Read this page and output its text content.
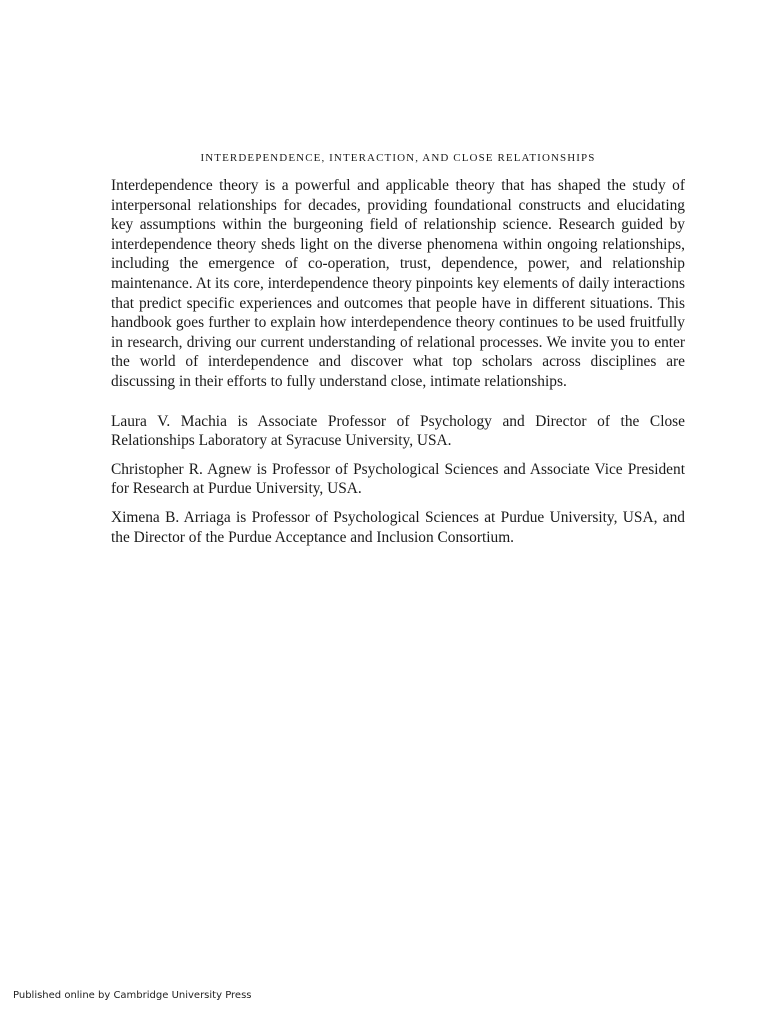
INTERDEPENDENCE, INTERACTION, AND CLOSE RELATIONSHIPS

Interdependence theory is a powerful and applicable theory that has shaped the study of interpersonal relationships for decades, providing foundational constructs and elucidating key assumptions within the burgeoning field of relationship science. Research guided by interdependence theory sheds light on the diverse phenomena within ongoing relationships, including the emergence of co-operation, trust, dependence, power, and relationship maintenance. At its core, interdependence theory pinpoints key elements of daily interactions that predict specific experiences and outcomes that people have in different situations. This handbook goes further to explain how interdependence theory continues to be used fruitfully in research, driving our current understanding of relational processes. We invite you to enter the world of interdependence and discover what top scholars across disciplines are discussing in their efforts to fully understand close, intimate relationships.

Laura V. Machia is Associate Professor of Psychology and Director of the Close Relationships Laboratory at Syracuse University, USA.

Christopher R. Agnew is Professor of Psychological Sciences and Associate Vice President for Research at Purdue University, USA.

Ximena B. Arriaga is Professor of Psychological Sciences at Purdue University, USA, and the Director of the Purdue Acceptance and Inclusion Consortium.

Published online by Cambridge University Press
